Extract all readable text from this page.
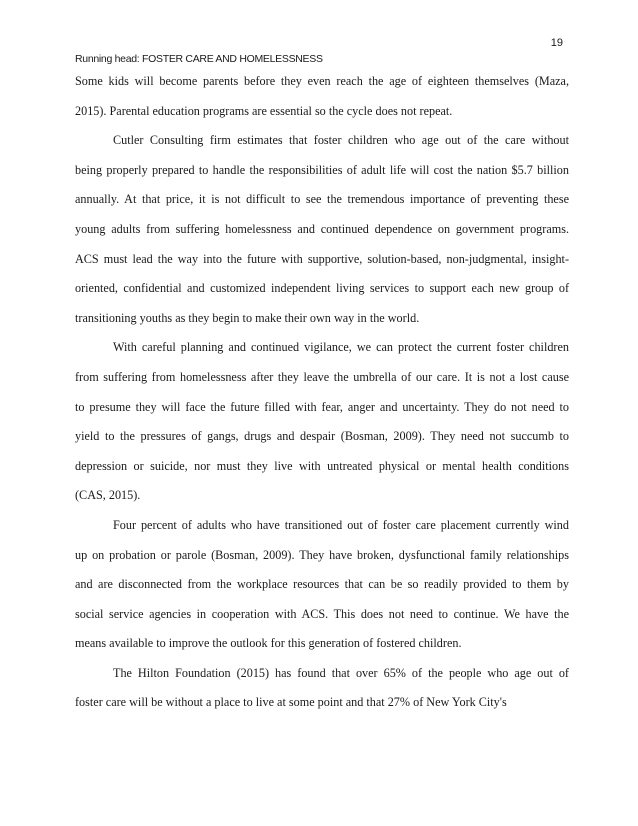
19
Running head: FOSTER CARE AND HOMELESSNESS
Some kids will become parents before they even reach the age of eighteen themselves (Maza,
2015). Parental education programs are essential so the cycle does not repeat.
Cutler Consulting firm estimates that foster children who age out of the care without
being properly prepared to handle the responsibilities of adult life will cost the nation $5.7 billion
annually. At that price, it is not difficult to see the tremendous importance of preventing these
young adults from suffering homelessness and continued dependence on government programs.
ACS must lead the way into the future with supportive, solution-based, non-judgmental, insight-
oriented, confidential and customized independent living services to support each new group of
transitioning youths as they begin to make their own way in the world.
With careful planning and continued vigilance, we can protect the current foster children
from suffering from homelessness after they leave the umbrella of our care. It is not a lost cause
to presume they will face the future filled with fear, anger and uncertainty. They do not need to
yield to the pressures of gangs, drugs and despair (Bosman, 2009). They need not succumb to
depression or suicide, nor must they live with untreated physical or mental health conditions
(CAS, 2015).
Four percent of adults who have transitioned out of foster care placement currently wind
up on probation or parole (Bosman, 2009). They have broken, dysfunctional family relationships
and are disconnected from the workplace resources that can be so readily provided to them by
social service agencies in cooperation with ACS. This does not need to continue. We have the
means available to improve the outlook for this generation of fostered children.
The Hilton Foundation (2015) has found that over 65% of the people who age out of
foster care will be without a place to live at some point and that 27% of New York City's
